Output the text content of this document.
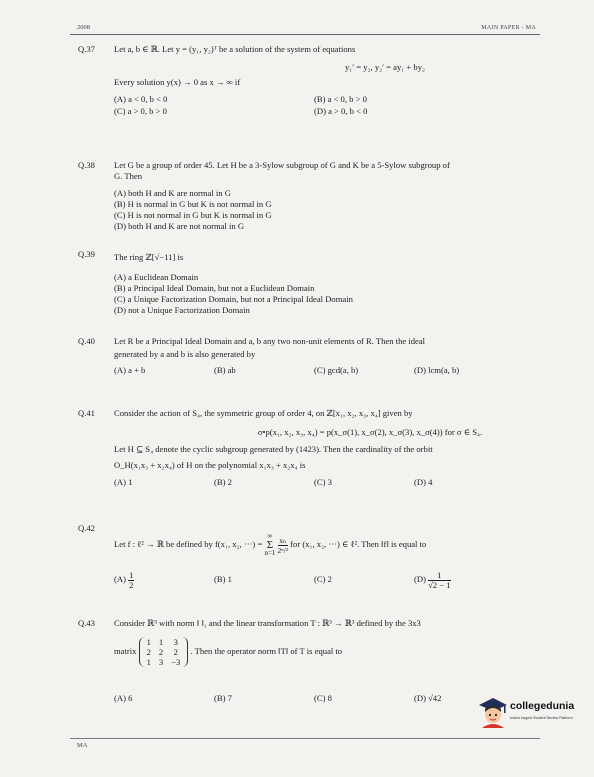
2008	MAIN PAPER - MA
Q.37	Let a, b ∈ ℝ. Let y = (y₁, y₂)ᵀ be a solution of the system of equations
y₁′ = y₂, y₂′ = ay₁ + by₂
Every solution y(x) → 0 as x → ∞ if
(A) a < 0, b < 0	(B) a < 0, b > 0
(C) a > 0, b > 0	(D) a > 0, b < 0
Q.38	Let G be a group of order 45. Let H be a 3-Sylow subgroup of G and K be a 5-Sylow subgroup of
G. Then
(A) both H and K are normal in G
(B) H is normal in G but K is not normal in G
(C) H is not normal in G but K is normal in G
(D) both H and K are not normal in G
Q.39	The ring ℤ[√−11] is
(A) a Euclidean Domain
(B) a Principal Ideal Domain, but not a Euclidean Domain
(C) a Unique Factorization Domain, but not a Principal Ideal Domain
(D) not a Unique Factorization Domain
Q.40	Let R be a Principal Ideal Domain and a, b any two non-unit elements of R. Then the ideal
generated by a and b is also generated by
(A) a + b	(B) ab	(C) gcd(a, b)	(D) lcm(a, b)
Q.41	Consider the action of S₄, the symmetric group of order 4, on ℤ[x₁, x₂, x₃, x₄] given by
σ•p(x₁, x₂, x₃, x₄) = p(x_σ(1), x_σ(2), x_σ(3), x_σ(4)) for σ ∈ S₄.
Let H ⊆ S₄ denote the cyclic subgroup generated by (1423). Then the cardinality of the orbit
O_H(x₁x₃ + x₂x₄) of H on the polynomial x₁x₃ + x₂x₄ is
(A) 1	(B) 2	(C) 3	(D) 4
Q.42
Let f : ℓ² → ℝ be defined by f(x₁, x₂, ···) =
∞
Σ
n=1
$\frac{\text{xₙ}}{\text{2ⁿ/²}}$ for (x₁, x₂, ···) ∈ ℓ². Then ‖f‖ is equal to
$(A) \frac{1}{2}$	(B) 1	(C) 2	$(D) \frac{1}{√2 - 1}$
Q.43	Consider ℝ³ with norm ‖ ‖₁ and the linear transformation T : ℝ³ → ℝ³ defined by the 3x3
matrix
1	1	3
2	2	2
1	3	−3
. Then the operator norm ‖T‖ of T is equal to
(A) 6	(B) 7	(C) 8	(D) √42
MA
collegedunia
India's largest Student Review Platform
